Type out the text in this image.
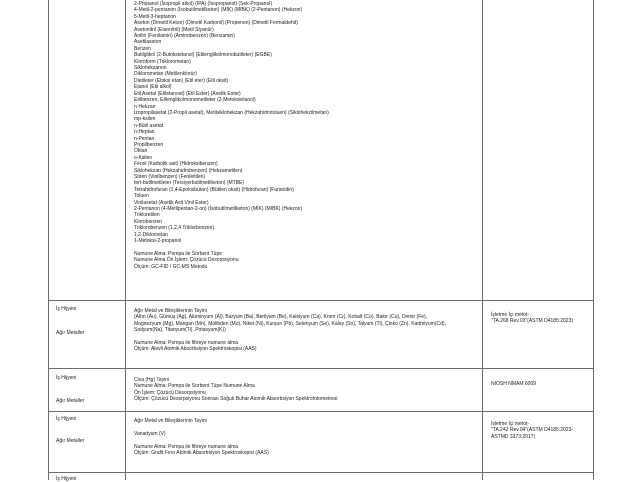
2-Propanol (İzopropil alkol) (IPA) (İsopropanol) (Sek-Propanol)
4-Metil-2-pentanon (İsobutilmetilketon) (MİK) (MIBK) (2-Pentanon) (Hekzon)
5-Metil-3-heptanon
Aseton (Dimetil Keton) (Dimetil Karbonil) (Propenon) (Dimetil Formaldehit)
Asetonitril (Etannitril) (Metil Siyanür)
Anilin (Fenilamin) (Aminobenzen) (Benzamin)
Asetilaseton
Benzen
Butilglikol (2-Butoksietanol) (Etilenglikolmonobutileter) (EGBE)
Kloroform (Triklorometan)
Siklohekzanon
Diklorometan (Metilenklorür)
Dietileter (Etoksi etan) (Etil eter) (Etil oksit)
Etanol (Etil alkol)
Etil Asetat (Etiletanoat) (Etil Ester) (Asetik Ester)
Etilbenzen, Etilenglikolmonometileter (2-Metoksietanol)
n-Hekzan
İzopropilasetat (2-Propil asetat), Metilsiklohekzan (Hekzahidrotoluen) (Siklohekzilmetan)
mp-ksilen
n-Bütil asetat
n-Heptan
n-Pentan
Propilbenzen
Oktan
o-Ksilen
Fenol (Karbolik asit) (Hidroksibenzen)
Siklohekzan (Hekzahidrobenzen) (Hekzametilen)
Stiren (Vinilbenzen) (Feniletilen)
tert-butilmetileter (Tersiyerbutilmetilketon) (MTBE)
Tetrahidrofuran (1,4-Epoksibütan) (Bütilen oksit) (Hidrofuran) (Furanidin)
Toluen
Vinilasetat (Asetik Asit Vinil Ester)
2-Pentanon (4-Metilpentan-2-on) (İsobutilmetilketon) (MİK) (MIBK) (Hekzon)
Trikloretilen
Klorobenzen
Triklorobenzen (1,2,4 Triklorbenzen)
1,2-Dikloroetan
1-Metoksi-2-propanol
Numune Alma: Pompa ile Sorbent Tüpe
Numune Alma Ön İşlem: Çözücü Desorpsiyonu
Ölçüm: GC-FID / GC-MS Metodu
İş Hijyeni
Ağır Metaller
Ağır Metal ve Bileşiklerinin Tayini
(Altın (Au), Gümüş (Ag), Alüminyum (Al), Baryum (Ba), Berilyum (Be), Kalsiyum (Ca), Krom (Cr), Kobalt (Co), Bakır (Cu), Demir (Fe),
Magnezyum (Mg), Mangan (Mn), Molibden (Mo), Nikel (Ni), Kurşun (Pb), Selenyum (Se), Kalay (Sn), Talyum (Tl), Çinko (Zn), Kadmiyum(Cd),
Sodyum(Na), Titanyum(Ti), Potasyum(K))
Numune Alma: Pompa ile filtreye numune alma
Ölçüm: Alevli Atomik Absorbsiyon Spektroskopisi (AAS)
İşletme İçi metot-
"TA.268 Rev.03"(ASTM D4185:2023)
İş Hijyeni
Ağır Metaller
Civa (Hg) Tayini
Numune Alma: Pompa ile Sorbent Tüpe Numune Alma
Ön İşlem: Çözücü Desorpsiyonu
Ölçüm: Çözücü Desorpsiyonu Sonrası Soğuk Buhar Atomik Absorbsiyon Spektrofotometresi
NIOSH NMAM 6009
İş Hijyeni
Ağır Metaller
Ağır Metal ve Bileşiklerinin Tayini
Vanadyum (V)
Numune Alma: Pompa ile filtreye numune alma
Ölçüm: Grafit Fırın Atomik Absorbsiyon Spektroskopisi (AAS)
İşletme İçi metot-
"TA.242 Rev.04"(ASTM D4185:2023-
ASTMD 3373:2017)
İş Hijyeni
